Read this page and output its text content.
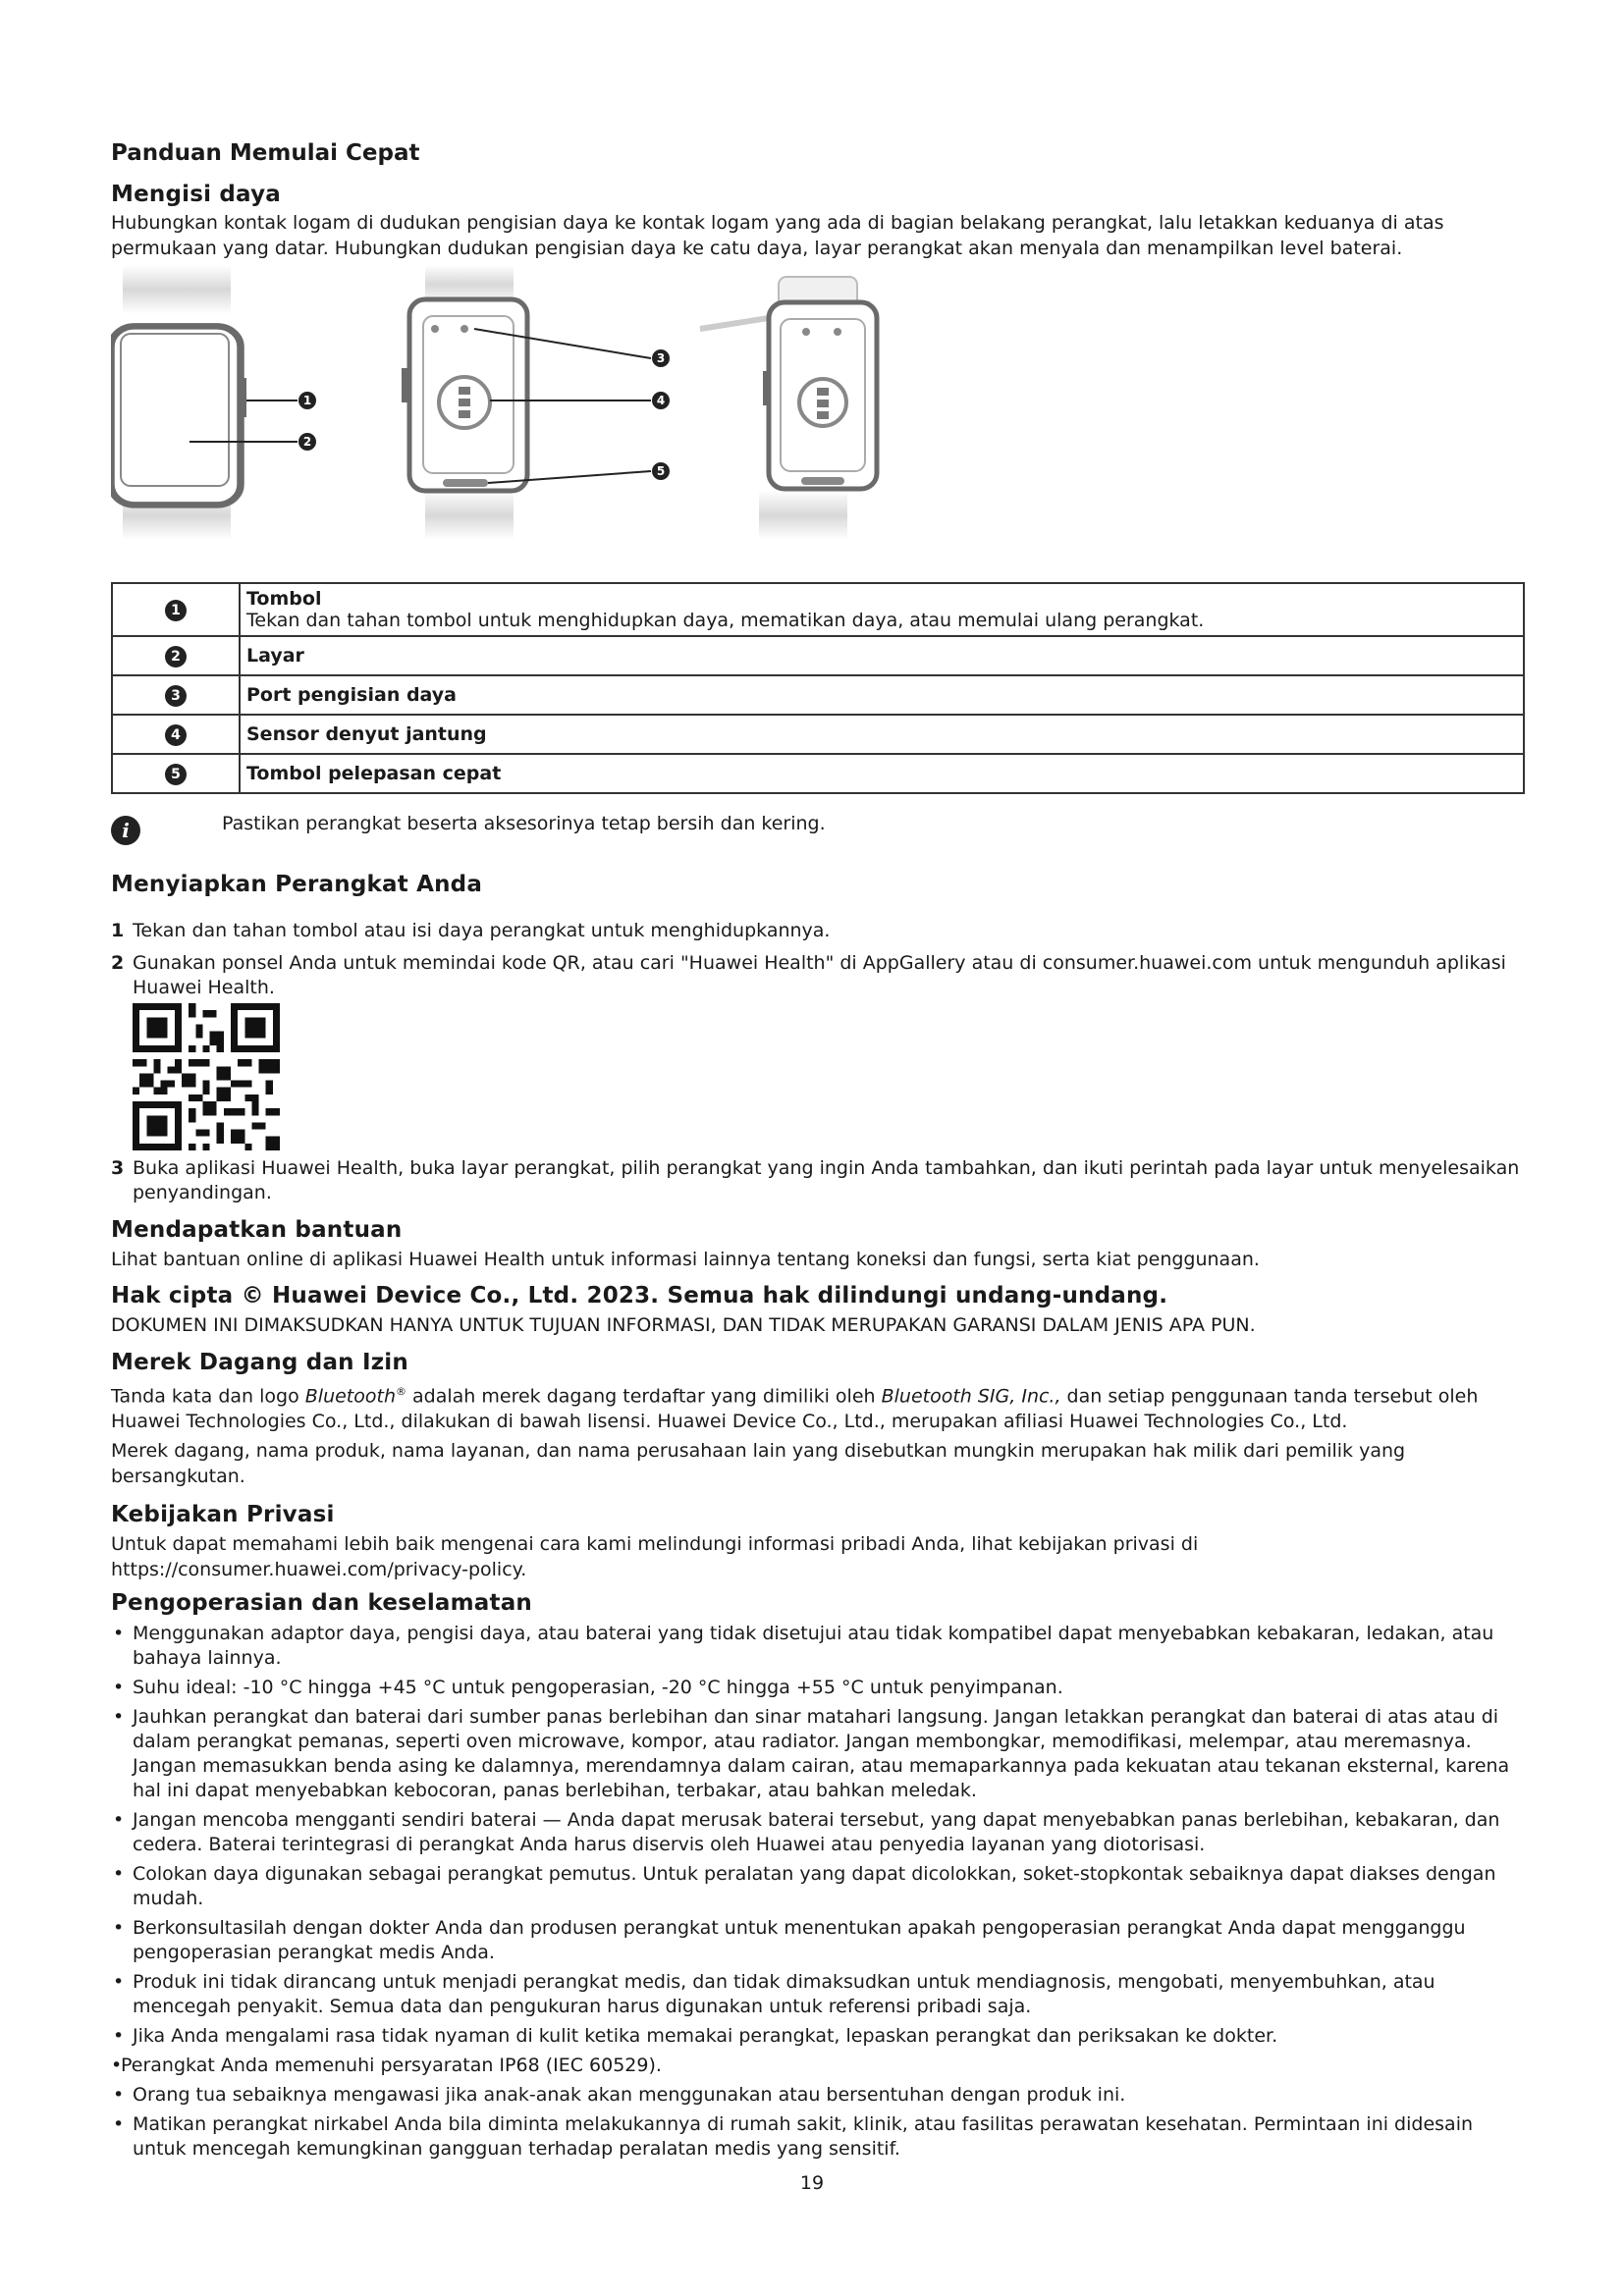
Panduan Memulai Cepat
Mengisi daya

Hubungkan kontak logam di dudukan pengisian daya ke kontak logam yang ada di bagian belakang perangkat, lalu letakkan keduanya di atas permukaan yang datar. Hubungkan dudukan pengisian daya ke catu daya, layar perangkat akan menyala dan menampilkan level baterai.

1
2
3
4
5
1	Tombol
Tekan dan tahan tombol untuk menghidupkan daya, mematikan daya, atau memulai ulang perangkat.

2	Layar
3	Port pengisian daya
4	Sensor denyut jantung
5	Tombol pelepasan cepat
i	Pastikan perangkat beserta aksesorinya tetap bersih dan kering.

Menyiapkan Perangkat Anda
1 Tekan dan tahan tombol atau isi daya perangkat untuk menghidupkannya.
2 Gunakan ponsel Anda untuk memindai kode QR, atau cari "Huawei Health" di AppGallery atau di consumer.huawei.com untuk mengunduh aplikasi Huawei Health.
3 Buka aplikasi Huawei Health, buka layar perangkat, pilih perangkat yang ingin Anda tambahkan, dan ikuti perintah pada layar untuk menyelesaikan penyandingan.
Mendapatkan bantuan

Lihat bantuan online di aplikasi Huawei Health untuk informasi lainnya tentang koneksi dan fungsi, serta kiat penggunaan.

Hak cipta © Huawei Device Co., Ltd. 2023. Semua hak dilindungi undang-undang.

DOKUMEN INI DIMAKSUDKAN HANYA UNTUK TUJUAN INFORMASI, DAN TIDAK MERUPAKAN GARANSI DALAM JENIS APA PUN.

Merek Dagang dan Izin

Tanda kata dan logo Bluetooth® adalah merek dagang terdaftar yang dimiliki oleh Bluetooth SIG, Inc., dan setiap penggunaan tanda tersebut oleh Huawei Technologies Co., Ltd., dilakukan di bawah lisensi. Huawei Device Co., Ltd., merupakan afiliasi Huawei Technologies Co., Ltd.

Merek dagang, nama produk, nama layanan, dan nama perusahaan lain yang disebutkan mungkin merupakan hak milik dari pemilik yang bersangkutan.

Kebijakan Privasi

Untuk dapat memahami lebih baik mengenai cara kami melindungi informasi pribadi Anda, lihat kebijakan privasi di https://consumer.huawei.com/privacy-policy.

Pengoperasian dan keselamatan
• Menggunakan adaptor daya, pengisi daya, atau baterai yang tidak disetujui atau tidak kompatibel dapat menyebabkan kebakaran, ledakan, atau bahaya lainnya.
• Suhu ideal: -10 °C hingga +45 °C untuk pengoperasian, -20 °C hingga +55 °C untuk penyimpanan.
• Jauhkan perangkat dan baterai dari sumber panas berlebihan dan sinar matahari langsung. Jangan letakkan perangkat dan baterai di atas atau di dalam perangkat pemanas, seperti oven microwave, kompor, atau radiator. Jangan membongkar, memodifikasi, melempar, atau meremasnya. Jangan memasukkan benda asing ke dalamnya, merendamnya dalam cairan, atau memaparkannya pada kekuatan atau tekanan eksternal, karena hal ini dapat menyebabkan kebocoran, panas berlebihan, terbakar, atau bahkan meledak.
• Jangan mencoba mengganti sendiri baterai — Anda dapat merusak baterai tersebut, yang dapat menyebabkan panas berlebihan, kebakaran, dan cedera. Baterai terintegrasi di perangkat Anda harus diservis oleh Huawei atau penyedia layanan yang diotorisasi.
• Colokan daya digunakan sebagai perangkat pemutus. Untuk peralatan yang dapat dicolokkan, soket-stopkontak sebaiknya dapat diakses dengan mudah.
• Berkonsultasilah dengan dokter Anda dan produsen perangkat untuk menentukan apakah pengoperasian perangkat Anda dapat mengganggu pengoperasian perangkat medis Anda.
• Produk ini tidak dirancang untuk menjadi perangkat medis, dan tidak dimaksudkan untuk mendiagnosis, mengobati, menyembuhkan, atau mencegah penyakit. Semua data dan pengukuran harus digunakan untuk referensi pribadi saja.
• Jika Anda mengalami rasa tidak nyaman di kulit ketika memakai perangkat, lepaskan perangkat dan periksakan ke dokter.
• Perangkat Anda memenuhi persyaratan IP68 (IEC 60529).
• Orang tua sebaiknya mengawasi jika anak-anak akan menggunakan atau bersentuhan dengan produk ini.
• Matikan perangkat nirkabel Anda bila diminta melakukannya di rumah sakit, klinik, atau fasilitas perawatan kesehatan. Permintaan ini didesain untuk mencegah kemungkinan gangguan terhadap peralatan medis yang sensitif.
19
